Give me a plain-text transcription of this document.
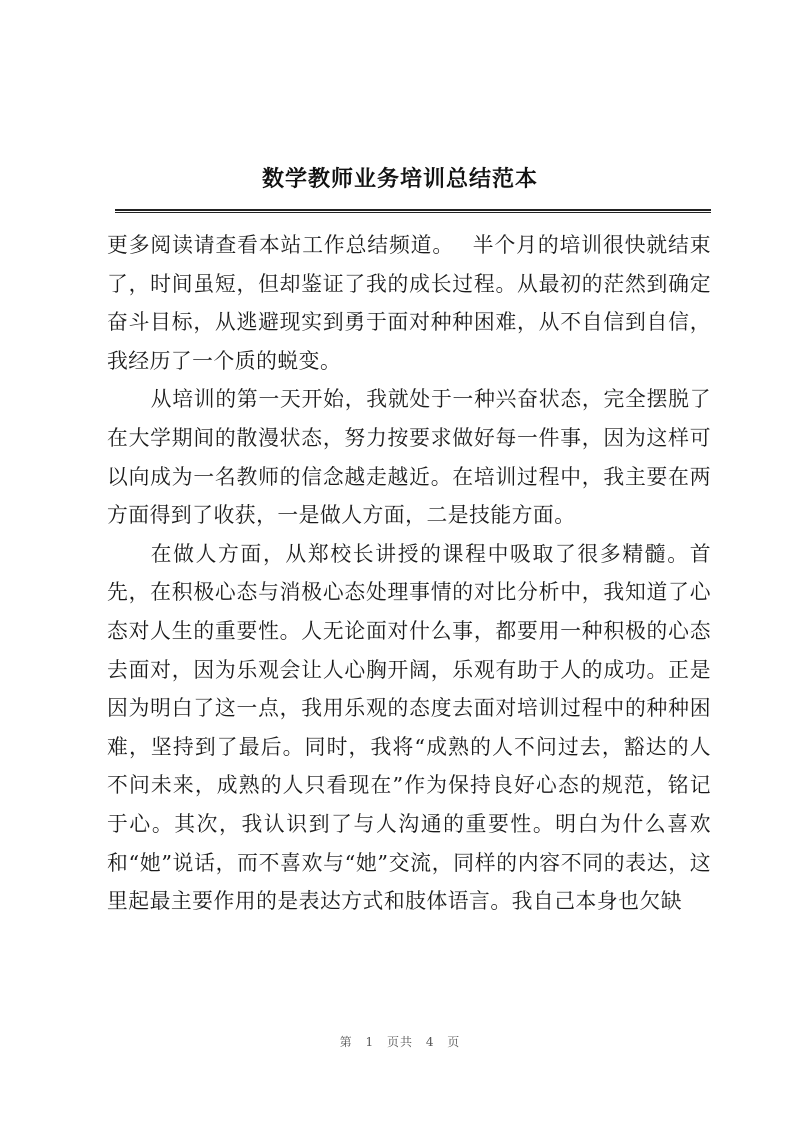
数学教师业务培训总结范本

更多阅读请查看本站工作总结频道。　 半个月的培训很快就结束了，时间虽短，但却鉴证了我的成长过程。从最初的茫然到确定奋斗目标，从逃避现实到勇于面对种种困难，从不自信到自信，我经历了一个质的蜕变。

从培训的第一天开始，我就处于一种兴奋状态，完全摆脱了在大学期间的散漫状态，努力按要求做好每一件事，因为这样可以向成为一名教师的信念越走越近。在培训过程中，我主要在两方面得到了收获，一是做人方面，二是技能方面。

在做人方面，从郑校长讲授的课程中吸取了很多精髓。首先，在积极心态与消极心态处理事情的对比分析中，我知道了心态对人生的重要性。人无论面对什么事，都要用一种积极的心态去面对，因为乐观会让人心胸开阔，乐观有助于人的成功。正是因为明白了这一点，我用乐观的态度去面对培训过程中的种种困难，坚持到了最后。同时，我将“成熟的人不问过去，豁达的人不问未来，成熟的人只看现在”作为保持良好心态的规范，铭记于心。其次，我认识到了与人沟通的重要性。明白为什么喜欢和“她”说话，而不喜欢与“她”交流，同样的内容不同的表达，这里起最主要作用的是表达方式和肢体语言。我自己本身也欠缺

第 1 页共 4 页
